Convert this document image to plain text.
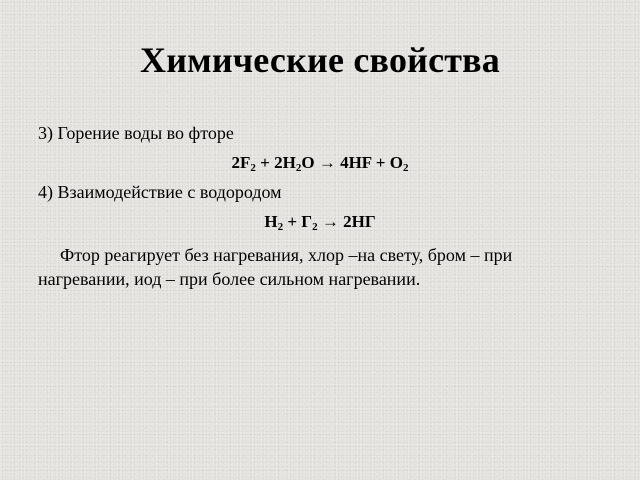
Химические свойства
3) Горение воды во фторе
$2F_2 + 2H_2O \to 4HF + O_2$
4) Взаимодействие с водородом
$H_2 + Г_2 \to 2НГ$
Фтор реагирует без нагревания, хлор –на свету, бром – при нагревании, иод – при более сильном нагревании.
